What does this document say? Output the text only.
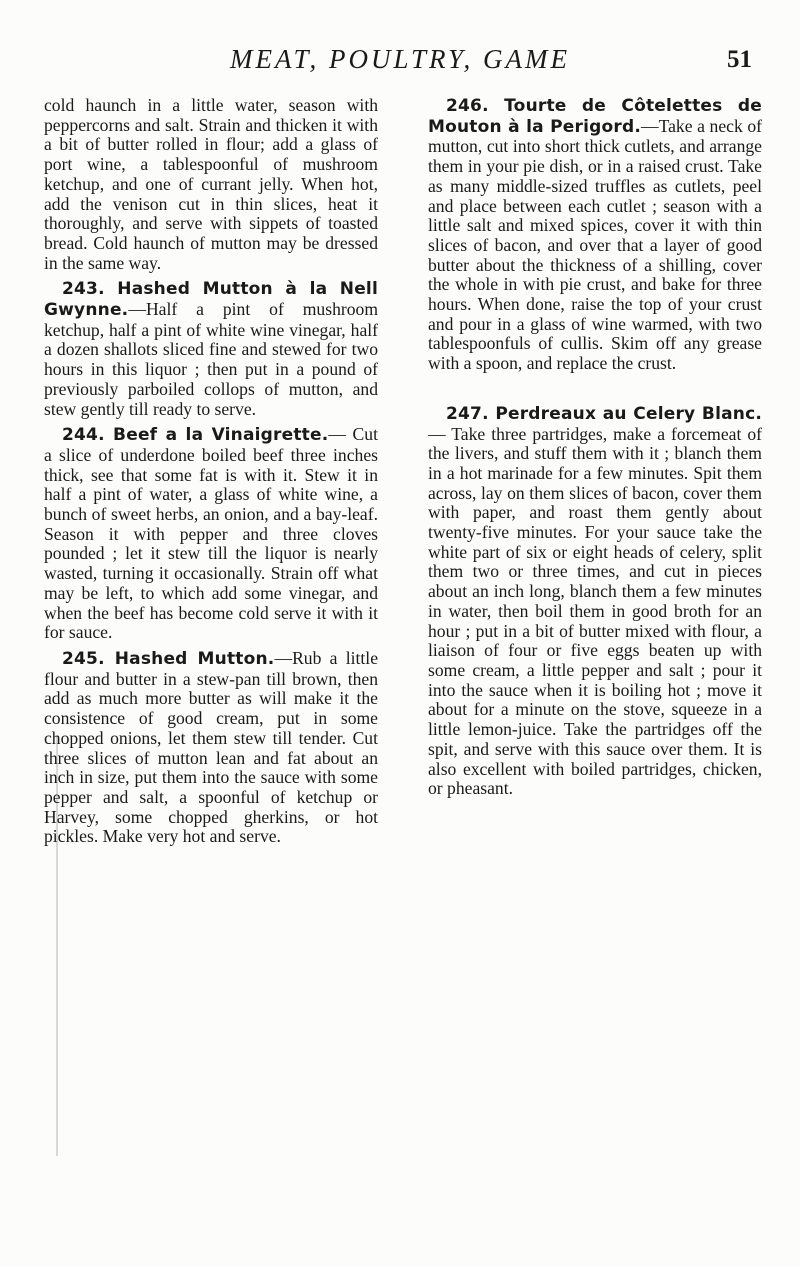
MEAT, POULTRY, GAME	51

cold haunch in a little water, season with peppercorns and salt. Strain and thicken it with a bit of butter rolled in flour; add a glass of port wine, a tablespoonful of mushroom ketchup, and one of currant jelly. When hot, add the venison cut in thin slices, heat it thoroughly, and serve with sippets of toasted bread. Cold haunch of mutton may be dressed in the same way.

243. Hashed Mutton à la Nell Gwynne.—Half a pint of mushroom ketchup, half a pint of white wine vinegar, half a dozen shallots sliced fine and stewed for two hours in this liquor ; then put in a pound of previously parboiled collops of mutton, and stew gently till ready to serve.

244. Beef a la Vinaigrette.— Cut a slice of underdone boiled beef three inches thick, see that some fat is with it. Stew it in half a pint of water, a glass of white wine, a bunch of sweet herbs, an onion, and a bay-leaf. Season it with pepper and three cloves pounded ; let it stew till the liquor is nearly wasted, turning it occasionally. Strain off what may be left, to which add some vinegar, and when the beef has become cold serve it with it for sauce.

245. Hashed Mutton.—Rub a little flour and butter in a stew-pan till brown, then add as much more butter as will make it the consistence of good cream, put in some chopped onions, let them stew till tender. Cut three slices of mutton lean and fat about an inch in size, put them into the sauce with some pepper and salt, a spoonful of ketchup or Harvey, some chopped gherkins, or hot pickles. Make very hot and serve.

246. Tourte de Côtelettes de Mouton à la Perigord.—Take a neck of mutton, cut into short thick cutlets, and arrange them in your pie dish, or in a raised crust. Take as many middle-sized truffles as cutlets, peel and place between each cutlet ; season with a little salt and mixed spices, cover it with thin slices of bacon, and over that a layer of good butter about the thickness of a shilling, cover the whole in with pie crust, and bake for three hours. When done, raise the top of your crust and pour in a glass of wine warmed, with two tablespoonfuls of cullis. Skim off any grease with a spoon, and replace the crust.

247. Perdreaux au Celery Blanc. — Take three partridges, make a forcemeat of the livers, and stuff them with it ; blanch them in a hot marinade for a few minutes. Spit them across, lay on them slices of bacon, cover them with paper, and roast them gently about twenty-five minutes. For your sauce take the white part of six or eight heads of celery, split them two or three times, and cut in pieces about an inch long, blanch them a few minutes in water, then boil them in good broth for an hour ; put in a bit of butter mixed with flour, a liaison of four or five eggs beaten up with some cream, a little pepper and salt ; pour it into the sauce when it is boiling hot ; move it about for a minute on the stove, squeeze in a little lemon-juice. Take the partridges off the spit, and serve with this sauce over them. It is also excellent with boiled partridges, chicken, or pheasant.
